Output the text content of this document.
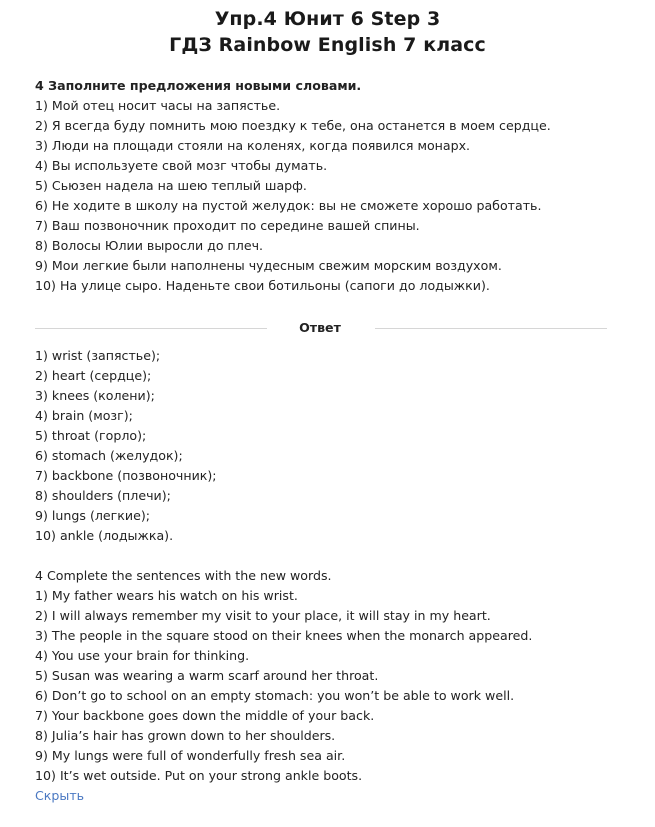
Упр.4 Юнит 6 Step 3
ГДЗ Rainbow English 7 класс
4 Заполните предложения новыми словами.
1) Мой отец носит часы на запястье.
2) Я всегда буду помнить мою поездку к тебе, она останется в моем сердце.
3) Люди на площади стояли на коленях, когда появился монарх.
4) Вы используете свой мозг чтобы думать.
5) Сьюзен надела на шею теплый шарф.
6) Не ходите в школу на пустой желудок: вы не сможете хорошо работать.
7) Ваш позвоночник проходит по середине вашей спины.
8) Волосы Юлии выросли до плеч.
9) Мои легкие были наполнены чудесным свежим морским воздухом.
10) На улице сыро. Наденьте свои ботильоны (сапоги до лодыжки).
Ответ
1) wrist (запястье);
2) heart (сердце);
3) knees (колени);
4) brain (мозг);
5) throat (горло);
6) stomach (желудок);
7) backbone (позвоночник);
8) shoulders (плечи);
9) lungs (легкие);
10) ankle (лодыжка).
4 Complete the sentences with the new words.
1) My father wears his watch on his wrist.
2) I will always remember my visit to your place, it will stay in my heart.
3) The people in the square stood on their knees when the monarch appeared.
4) You use your brain for thinking.
5) Susan was wearing a warm scarf around her throat.
6) Don’t go to school on an empty stomach: you won’t be able to work well.
7) Your backbone goes down the middle of your back.
8) Julia’s hair has grown down to her shoulders.
9) My lungs were full of wonderfully fresh sea air.
10) It’s wet outside. Put on your strong ankle boots.
Скрыть
